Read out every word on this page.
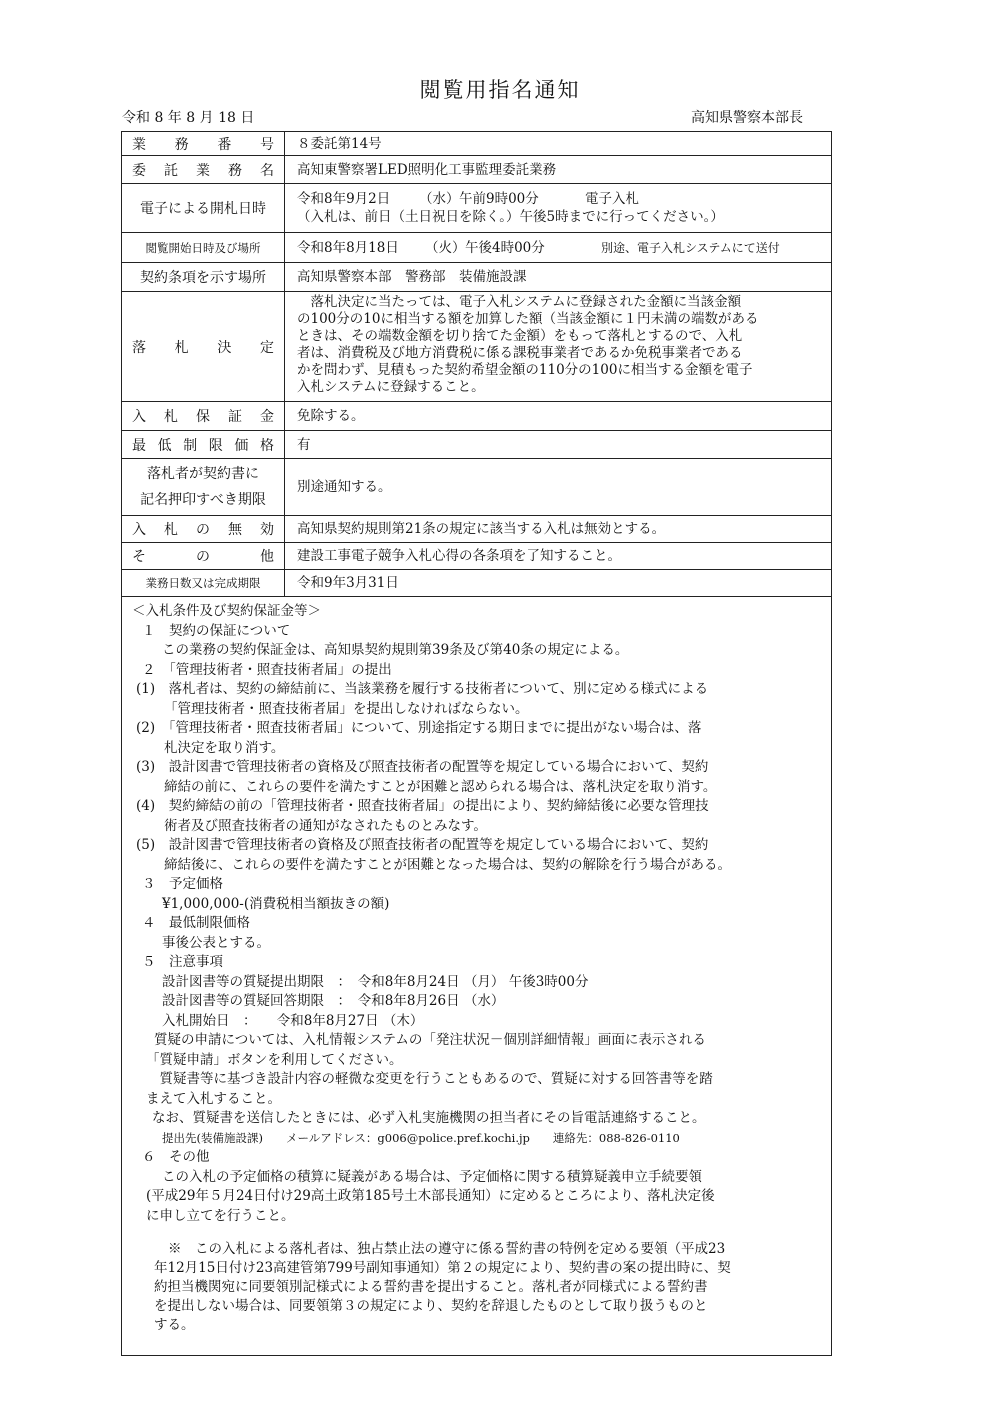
閲覧用指名通知
令和 8 年 8 月 18 日	高知県警察本部長
業 務 番 号 ８委託第14号
委 託 業 務 名 高知東警察署LED照明化工事監理委託業務
電子による開札日時
令和8年9月2日 （水）午前9時00分	電子入札
（入札は、前日（土日祝日を除く。）午後5時までに行ってください。）
閲覧開始日時及び場所	令和8年8月18日	（火） 午後4時00分	別途、電子入札システムにて送付
契約条項を示す場所	高知県警察本部　警務部　装備施設課
落 札 決 定
　落札決定に当たっては、電子入札システムに登録された金額に当該金額
の100分の10に相当する額を加算した額（当該金額に１円未満の端数がある
ときは、その端数金額を切り捨てた金額）をもって落札とするので、入札
者は、消費税及び地方消費税に係る課税事業者であるか免税事業者である
かを問わず、見積もった契約希望金額の110分の100に相当する金額を電子
入札システムに登録すること。
入 札 保 証 金 免除する。
最 低 制 限 価 格 有
落札者が契約書に
記名押印すべき期限
別途通知する。
入 札 の 無 効 高知県契約規則第21条の規定に該当する入札は無効とする。
そ	の	他 建設工事電子競争入札心得の各条項を了知すること。
業務日数又は完成期限	令和9年3月31日
＜入札条件及び契約保証金等＞
１　契約の保証について
この業務の契約保証金は、高知県契約規則第39条及び第40条の規定による。
２　「管理技術者・照査技術者届」の提出
(1)　落札者は、契約の締結前に、当該業務を履行する技術者について、別に定める様式による
「管理技術者・照査技術者届」を提出しなければならない。
(2)　「管理技術者・照査技術者届」について、別途指定する期日までに提出がない場合は、落
札決定を取り消す。
(3)　設計図書で管理技術者の資格及び照査技術者の配置等を規定している場合において、契約
締結の前に、これらの要件を満たすことが困難と認められる場合は、落札決定を取り消す。
(4)　契約締結の前の「管理技術者・照査技術者届」の提出により、契約締結後に必要な管理技
術者及び照査技術者の通知がなされたものとみなす。
(5)　設計図書で管理技術者の資格及び照査技術者の配置等を規定している場合において、契約
締結後に、これらの要件を満たすことが困難となった場合は、契約の解除を行う場合がある。
３　予定価格
¥1,000,000-(消費税相当額抜きの額)
４　最低制限価格
事後公表とする。
５　注意事項
設計図書等の質疑提出期限　：　令和8年8月24日 （月） 午後3時00分
設計図書等の質疑回答期限　：　令和8年8月26日 （水）
入札開始日　：　　令和8年8月27日 （木）
質疑の申請については、入札情報システムの「発注状況－個別詳細情報」画面に表示される
「質疑申請」ボタンを利用してください。
　質疑書等に基づき設計内容の軽微な変更を行うこともあるので、質疑に対する回答書等を踏
まえて入札すること。
なお、質疑書を送信したときには、必ず入札実施機関の担当者にその旨電話連絡すること。
提出先(装備施設課)　　メールアドレス：g006@police.pref.kochi.jp　　連絡先：088-826-0110
６　その他
この入札の予定価格の積算に疑義がある場合は、予定価格に関する積算疑義申立手続要領
(平成29年５月24日付け29高土政第185号土木部長通知）に定めるところにより、落札決定後
に申し立てを行うこと。
※　この入札による落札者は、独占禁止法の遵守に係る誓約書の特例を定める要領（平成23
年12月15日付け23高建管第799号副知事通知）第２の規定により、契約書の案の提出時に、契
約担当機関宛に同要領別記様式による誓約書を提出すること。落札者が同様式による誓約書
を提出しない場合は、同要領第３の規定により、契約を辞退したものとして取り扱うものと
する。
